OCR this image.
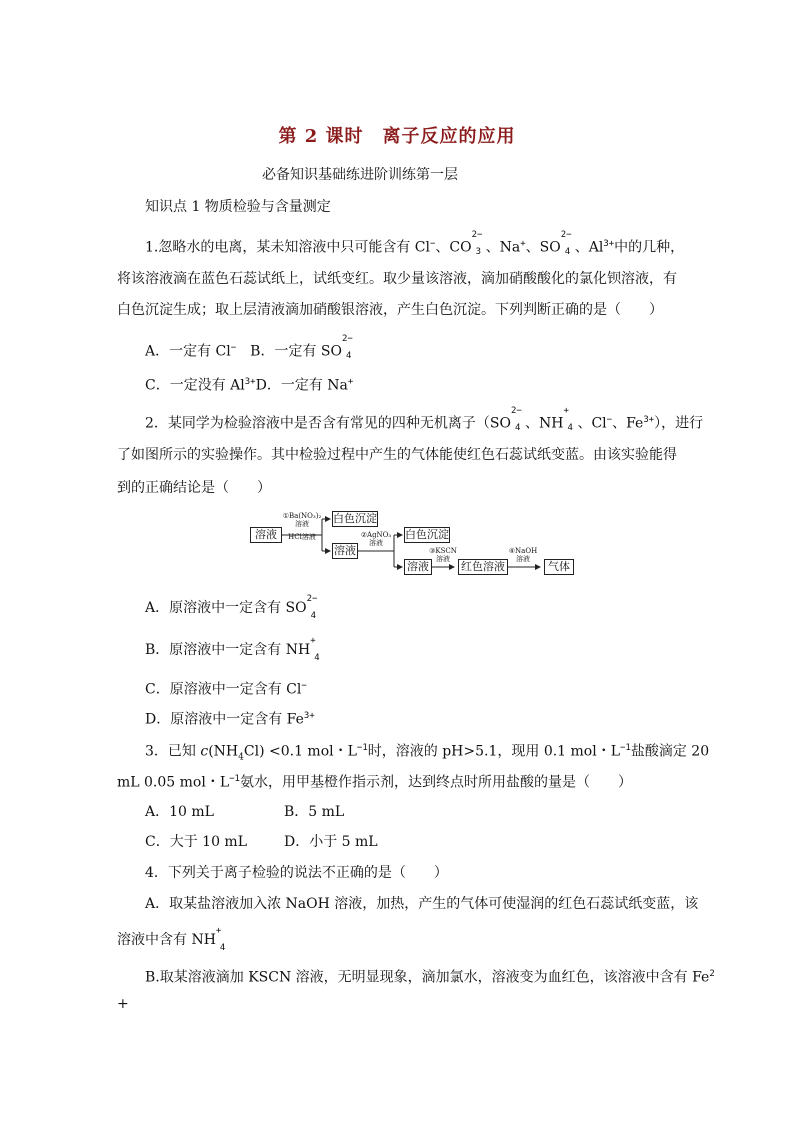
第 2 课时　离子反应的应用
必备知识基础练进阶训练第一层
知识点 1 物质检验与含量测定
1.忽略水的电离，某未知溶液中只可能含有 Cl−、CO
2−
3 、Na+、SO
2−
4 、$Al^{3+}$中的几种，
将该溶液滴在蓝色石蕊试纸上，试纸变红。取少量该溶液，滴加硝酸酸化的氯化钡溶液，有
白色沉淀生成；取上层清液滴加硝酸银溶液，产生白色沉淀。下列判断正确的是（　　）
A．一定有 Cl− B．一定有 SO
2−
4
C．一定没有 $Al^{3+}D$．一定有 Na+
2．某同学为检验溶液中是否含有常见的四种无机离子（SO
2−
4 、NH
+
4 、Cl−、$Fe^{3+}$），进行
了如图所示的实验操作。其中检验过程中产生的气体能使红色石蕊试纸变蓝。由该实验能得
到的正确结论是（　　）
溶液
①Ba(NO₃)₂
溶液
HCl溶液
白色沉淀
溶液
②AgNO₃
溶液
白色沉淀
溶液
③KSCN
溶液
红色溶液
④NaOH
溶液
气体
A．原溶液中一定含有 SO
2−
4
B．原溶液中一定含有 NH
+
4
C．原溶液中一定含有 Cl−
D．原溶液中一定含有 $Fe^{3+}$
3．已知 $c(NH_4Cl) <0.1$ mol・$L^{-1}$时，溶液的 pH>5.1，现用 0.1 mol・$L^{-1}$盐酸滴定 20
mL 0.05 mol・$L^{-1}$氨水，用甲基橙作指示剂，达到终点时所用盐酸的量是（　　）
A．10 mL	B．5 mL
C．大于 10 mL	D．小于 5 mL
4．下列关于离子检验的说法不正确的是（　　）
A．取某盐溶液加入浓 NaOH 溶液，加热，产生的气体可使湿润的红色石蕊试纸变蓝，该
溶液中含有 NH
+
4
B.取某溶液滴加 KSCN 溶液，无明显现象，滴加氯水，溶液变为血红色，该溶液中含有 $Fe^2$
+
